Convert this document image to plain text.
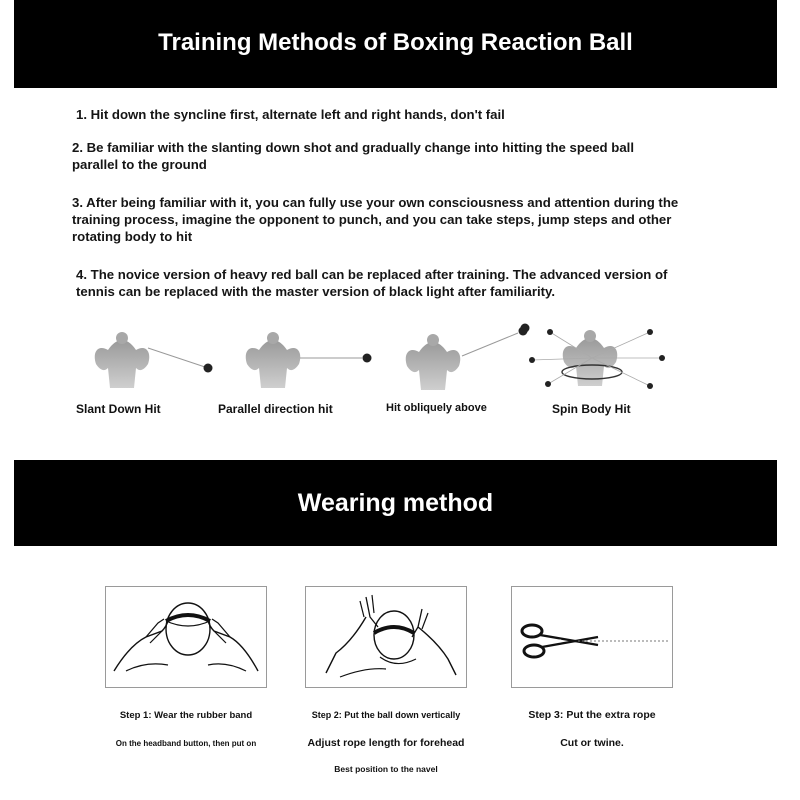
Training Methods of Boxing Reaction Ball
1. Hit down the syncline first, alternate left and right hands, don't fail
2. Be familiar with the slanting down shot and gradually change into hitting the speed ball parallel to the ground
3. After being familiar with it, you can fully use your own consciousness and attention during the training process, imagine the opponent to punch, and you can take steps, jump steps and other rotating body to hit
4. The novice version of heavy red ball can be replaced after training. The advanced version of tennis can be replaced with the master version of black light after familiarity.
Slant Down Hit	Parallel direction hit	Hit obliquely above	Spin Body Hit
Wearing method
Step 1: Wear the rubber band
On the headband button, then put on
Step 2: Put the ball down vertically
Adjust rope length for forehead
Best position to the navel
Step 3: Put the extra rope
Cut or twine.
